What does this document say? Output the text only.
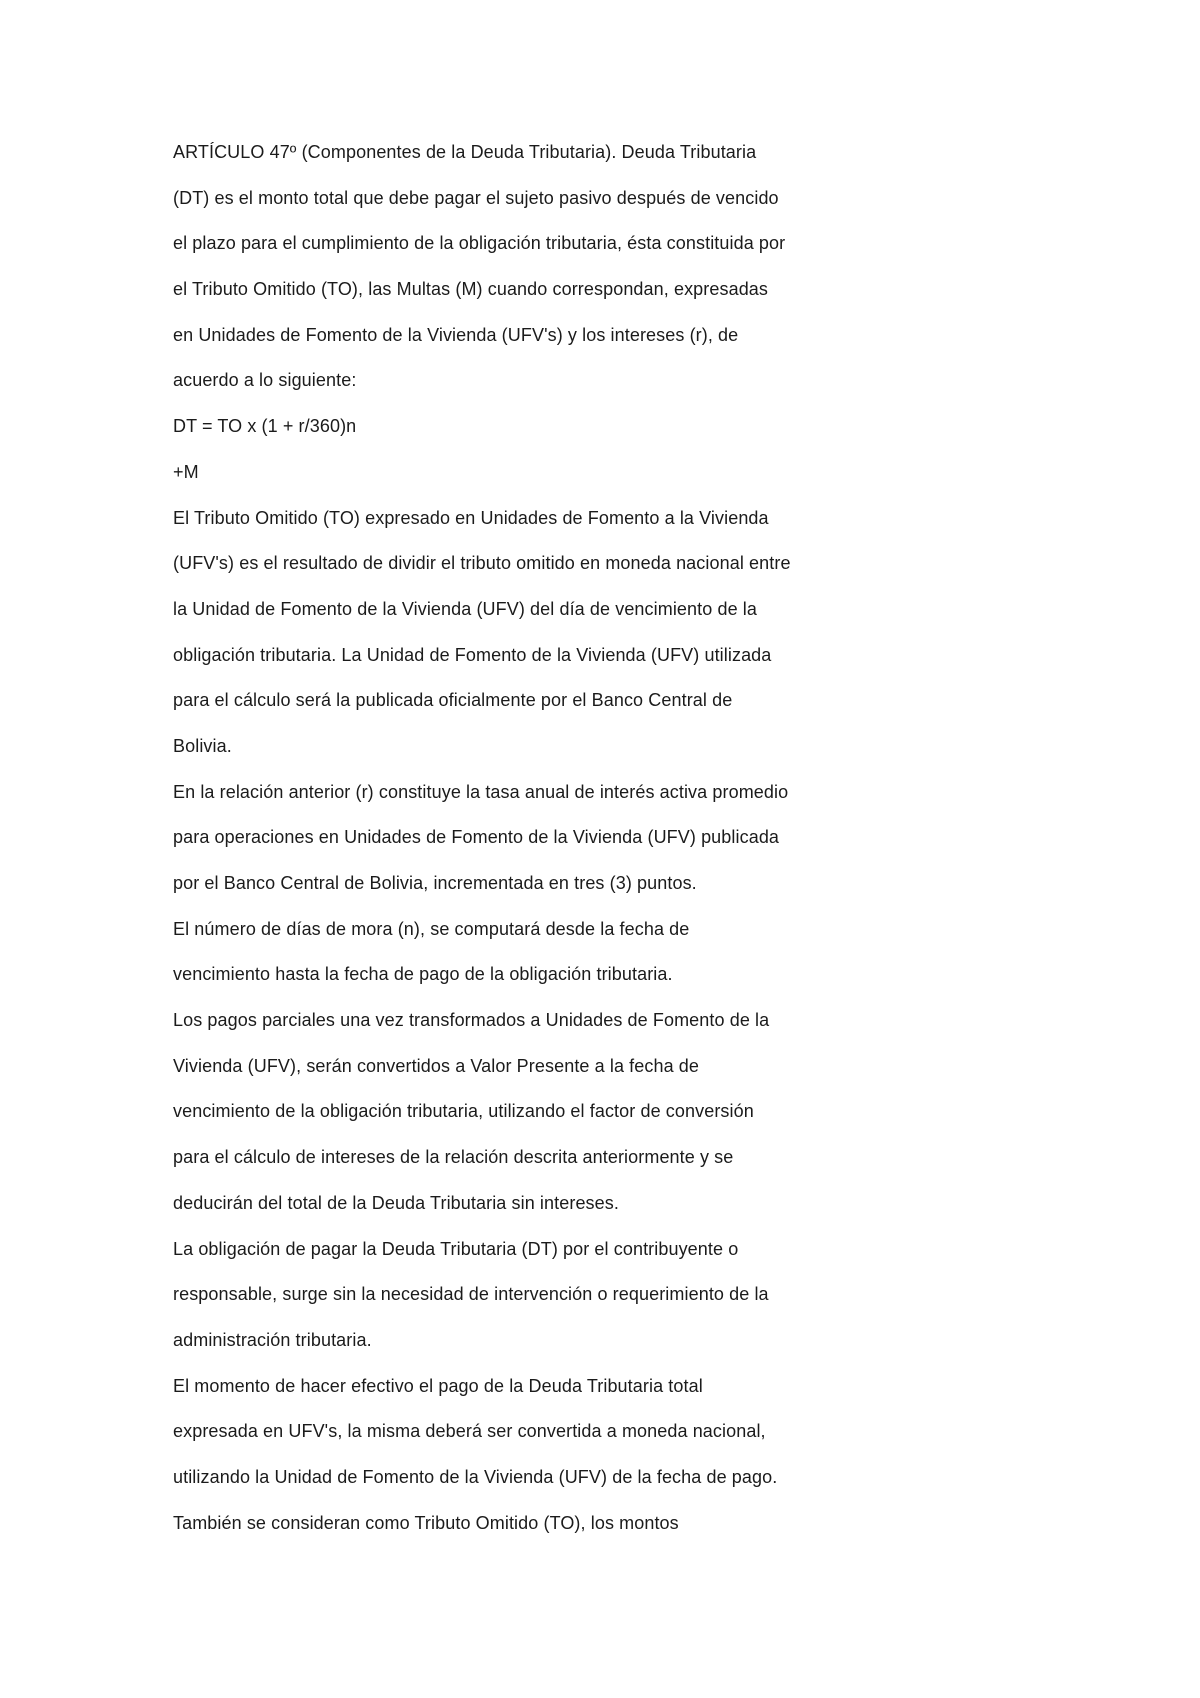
ARTÍCULO 47º (Componentes de la Deuda Tributaria). Deuda Tributaria
(DT) es el monto total que debe pagar el sujeto pasivo después de vencido
el plazo para el cumplimiento de la obligación tributaria, ésta constituida por
el Tributo Omitido (TO), las Multas (M) cuando correspondan, expresadas
en Unidades de Fomento de la Vivienda (UFV's) y los intereses (r), de
acuerdo a lo siguiente:
DT = TO x (1 + r/360)n
+M
El Tributo Omitido (TO) expresado en Unidades de Fomento a la Vivienda
(UFV's) es el resultado de dividir el tributo omitido en moneda nacional entre
la Unidad de Fomento de la Vivienda (UFV) del día de vencimiento de la
obligación tributaria. La Unidad de Fomento de la Vivienda (UFV) utilizada
para el cálculo será la publicada oficialmente por el Banco Central de
Bolivia.
En la relación anterior (r) constituye la tasa anual de interés activa promedio
para operaciones en Unidades de Fomento de la Vivienda (UFV) publicada
por el Banco Central de Bolivia, incrementada en tres (3) puntos.
El número de días de mora (n), se computará desde la fecha de
vencimiento hasta la fecha de pago de la obligación tributaria.
Los pagos parciales una vez transformados a Unidades de Fomento de la
Vivienda (UFV), serán convertidos a Valor Presente a la fecha de
vencimiento de la obligación tributaria, utilizando el factor de conversión
para el cálculo de intereses de la relación descrita anteriormente y se
deducirán del total de la Deuda Tributaria sin intereses.
La obligación de pagar la Deuda Tributaria (DT) por el contribuyente o
responsable, surge sin la necesidad de intervención o requerimiento de la
administración tributaria.
El momento de hacer efectivo el pago de la Deuda Tributaria total
expresada en UFV's, la misma deberá ser convertida a moneda nacional,
utilizando la Unidad de Fomento de la Vivienda (UFV) de la fecha de pago.
También se consideran como Tributo Omitido (TO), los montos
